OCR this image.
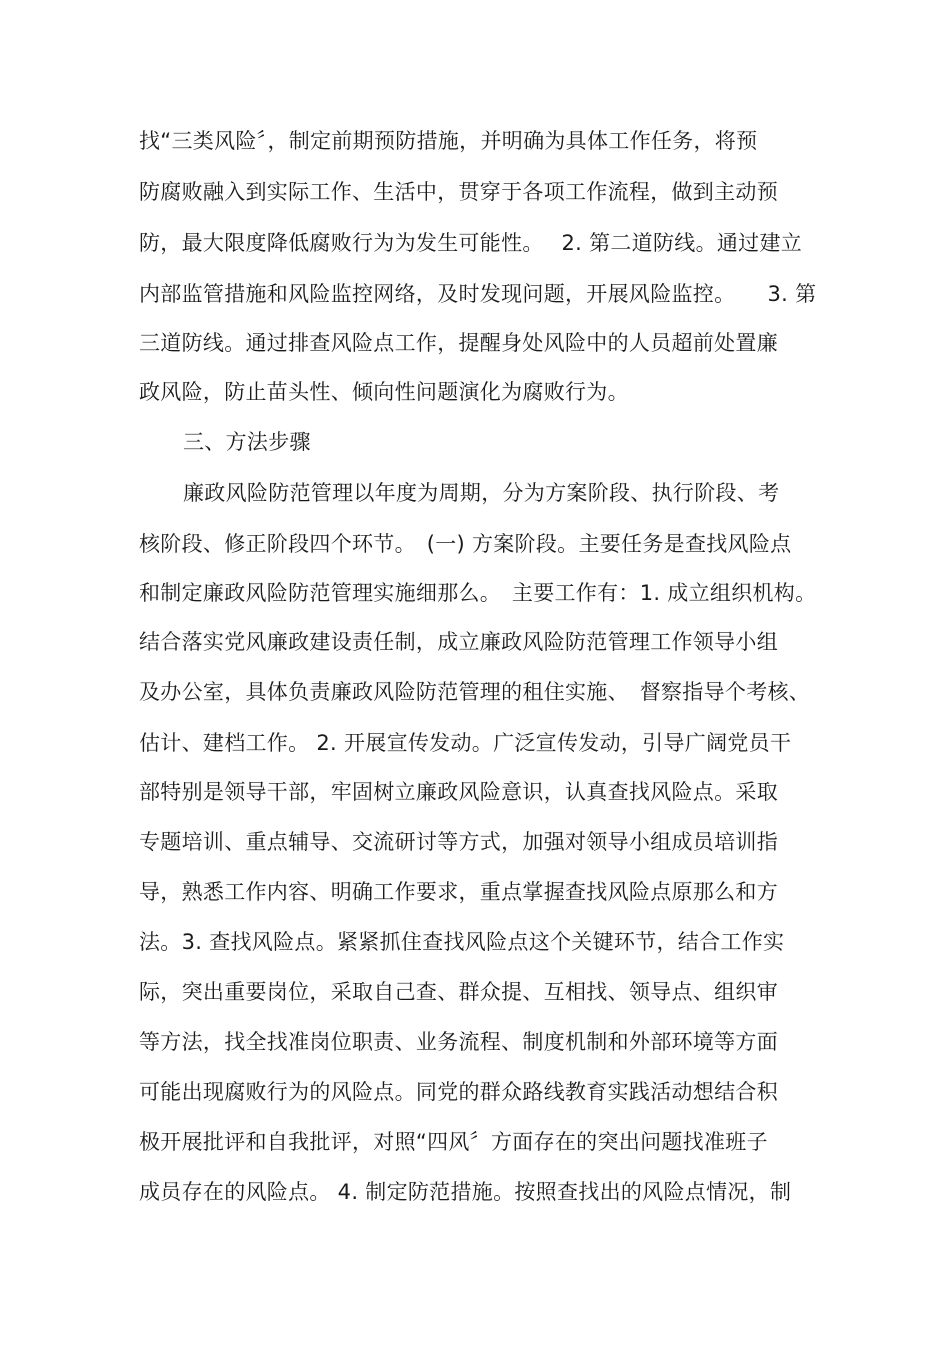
找“三类风险〞，制定前期预防措施，并明确为具体工作任务，将预
防腐败融入到实际工作、生活中，贯穿于各项工作流程，做到主动预
防，最大限度降低腐败行为为发生可能性。　 2. 第二道防线。通过建立
内部监管措施和风险监控网络，及时发现问题，开展风险监控。　　3. 第
三道防线。通过排查风险点工作，提醒身处风险中的人员超前处置廉
政风险，防止苗头性、倾向性问题演化为腐败行为。
三、方法步骤
廉政风险防范管理以年度为周期，分为方案阶段、执行阶段、考
核阶段、修正阶段四个环节。　(一) 方案阶段。主要任务是查找风险点
和制定廉政风险防范管理实施细那么。　主要工作有：1. 成立组织机构。
结合落实党风廉政建设责任制，成立廉政风险防范管理工作领导小组
及办公室，具体负责廉政风险防范管理的租住实施、　督察指导个考核、
估计、建档工作。 2. 开展宣传发动。广泛宣传发动，引导广阔党员干
部特别是领导干部，牢固树立廉政风险意识，认真查找风险点。采取
专题培训、重点辅导、交流研讨等方式，加强对领导小组成员培训指
导，熟悉工作内容、明确工作要求，重点掌握查找风险点原那么和方
法。3. 查找风险点。紧紧抓住查找风险点这个关键环节，结合工作实
际，突出重要岗位，采取自己查、群众提、互相找、领导点、组织审
等方法，找全找准岗位职责、业务流程、制度机制和外部环境等方面
可能出现腐败行为的风险点。同党的群众路线教育实践活动想结合积
极开展批评和自我批评，对照“四风〞方面存在的突出问题找准班子
成员存在的风险点。 4. 制定防范措施。按照查找出的风险点情况，制
